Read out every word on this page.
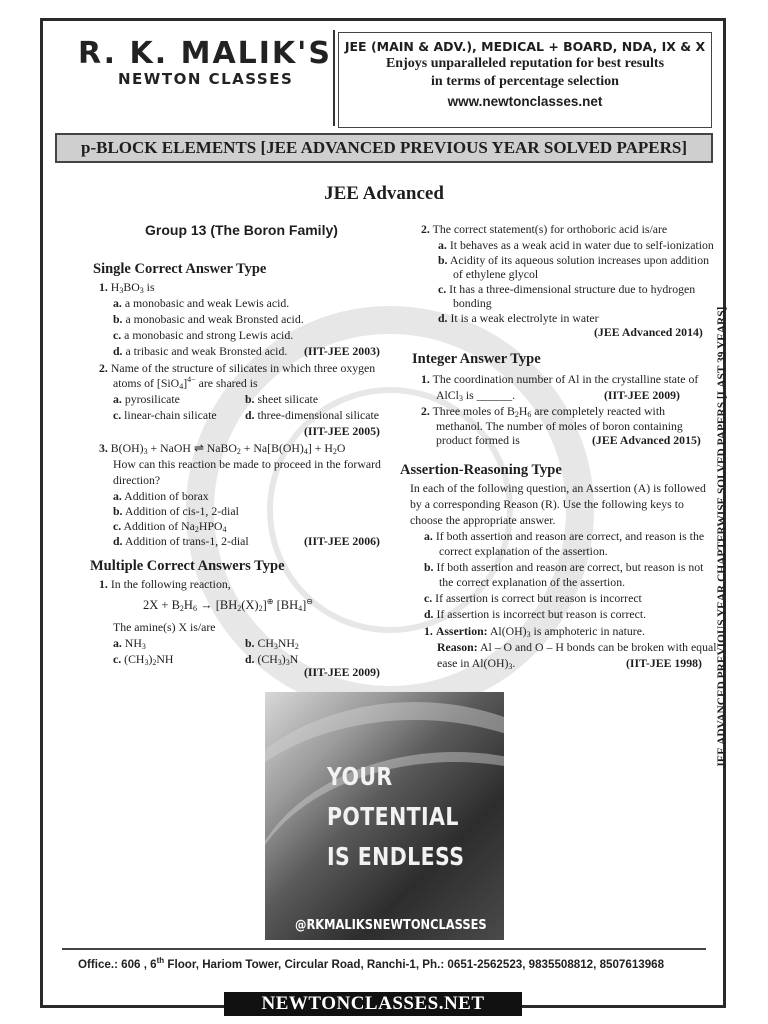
R. K. MALIK'S
NEWTON CLASSES
JEE (MAIN & ADV.), MEDICAL + BOARD, NDA, IX & X
Enjoys unparalleled reputation for best results
in terms of percentage selection
www.newtonclasses.net
p-BLOCK ELEMENTS [JEE ADVANCED PREVIOUS YEAR SOLVED PAPERS]
JEE Advanced
Group 13 (The Boron Family)
Single Correct Answer Type
1. $H_3BO_3$ is
a. a monobasic and weak Lewis acid.
b. a monobasic and weak Bronsted acid.
c. a monobasic and strong Lewis acid.
d. a tribasic and weak Bronsted acid. (IIT-JEE 2003)
2. Name of the structure of silicates in which three oxygen
atoms of $[SiO_4]^{4-}$ are shared is
a. pyrosilicate	b. sheet silicate
c. linear-chain silicate d. three-dimensional silicate
(IIT-JEE 2005)
3. $B(OH)_3$ + NaOH ⇌ NaBO$_2$ + $Na[B(OH)_4] + H_2O$
How can this reaction be made to proceed in the forward
direction?
a. Addition of borax
b. Addition of cis-1, 2-dial
c. Addition of $Na_2HPO_4$
d. Addition of trans-1, 2-dial	(IIT-JEE 2006)
Multiple Correct Answers Type
1. In the following reaction,
$2X + B_2H_6 \to [BH_2(X)_2]^\oplus$ $[BH_4]^⊖$
The amine(s) X is/are
a. $NH_3$	b. $CH_3NH_2$
c. $(CH_3)_2NH$	d. $(CH_3)_3N$
(IIT-JEE 2009)
2. The correct statement(s) for orthoboric acid is/are
a. It behaves as a weak acid in water due to self-ionization
b. Acidity of its aqueous solution increases upon addition
of ethylene glycol
c. It has a three-dimensional structure due to hydrogen
bonding
d. It is a weak electrolyte in water
(JEE Advanced 2014)
Integer Answer Type
1. The coordination number of Al in the crystalline state of
AlCl$_3$ is ______.	(IIT-JEE 2009)
2. Three moles of $B_2H_6$ are completely reacted with
methanol. The number of moles of boron containing
product formed is	(JEE Advanced 2015)
Assertion-Reasoning Type
In each of the following question, an Assertion (A) is followed
by a corresponding Reason (R). Use the following keys to
choose the appropriate answer.
a. If both assertion and reason are correct, and reason is the
correct explanation of the assertion.
b. If both assertion and reason are correct, but reason is not
the correct explanation of the assertion.
c. If assertion is correct but reason is incorrect
d. If assertion is incorrect but reason is correct.
1. Assertion: $Al(OH)_3$ is amphoteric in nature.
Reason: Al – O and O – H bonds can be broken with equal
ease in $Al(OH)_3$.	(IIT-JEE 1998) JEE ADVANCED PREVIOUS YEAR CHAPTERWISE SOLVED PAPERS [LAST 39 YEARS]
YOUR
POTENTIAL
IS ENDLESS
@RKMALIKSNEWTONCLASSES
Office.: 606 , 6th Floor, Hariom Tower, Circular Road, Ranchi-1, Ph.: 0651-2562523, 9835508812, 8507613968
NEWTONCLASSES.NET
